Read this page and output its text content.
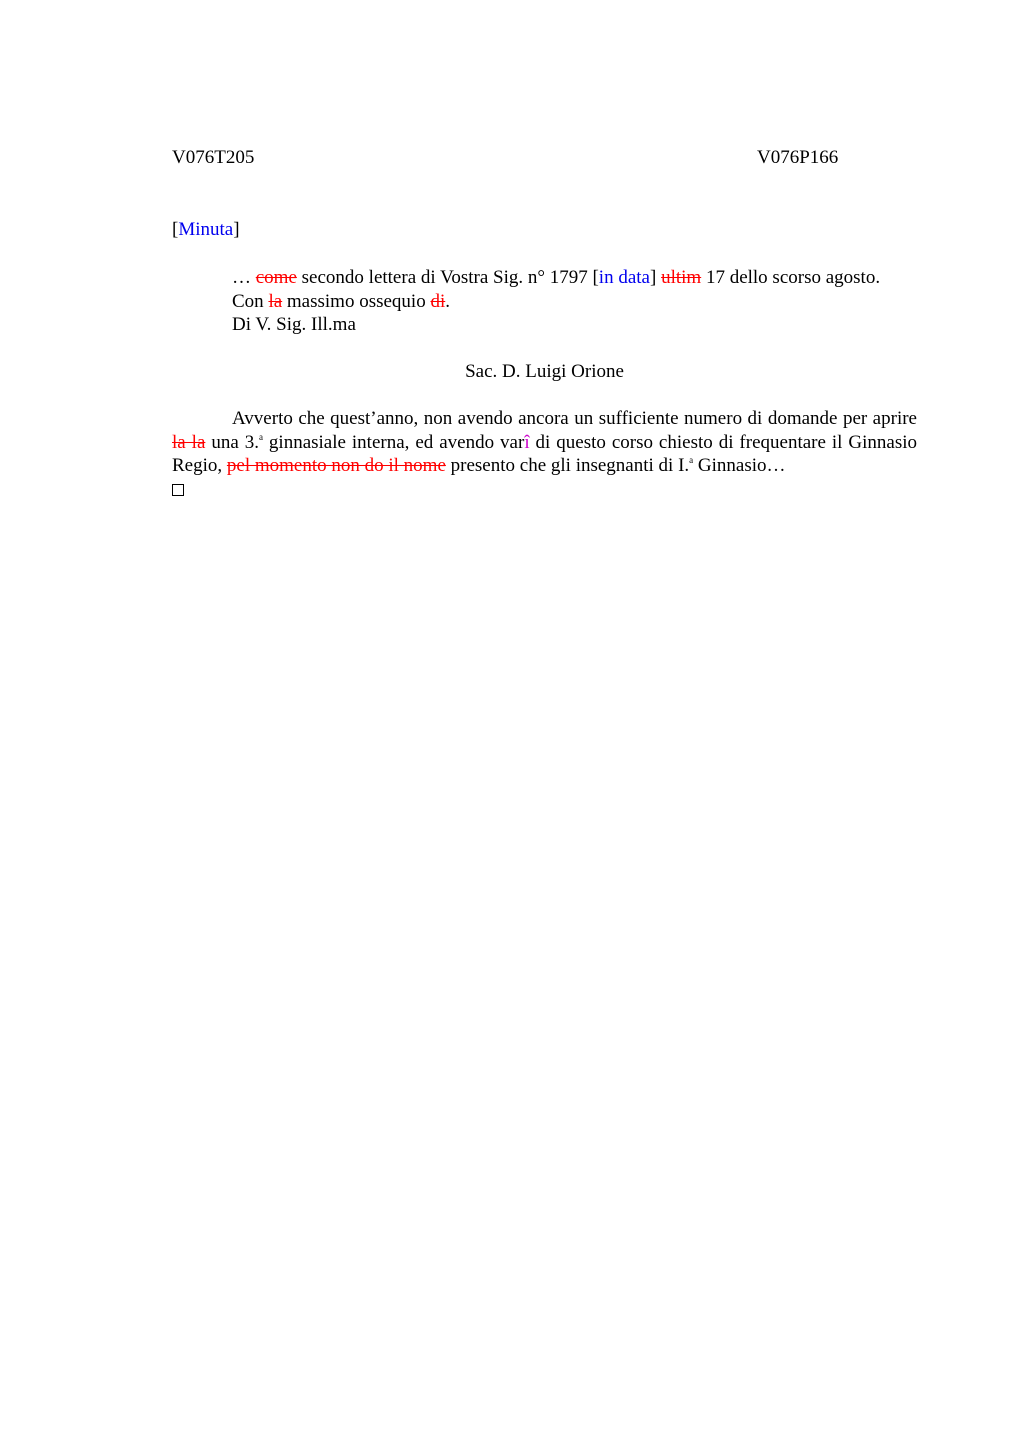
V076T205	V076P166
[Minuta]

… come secondo lettera di Vostra Sig. n° 1797 [in data] ultim 17 dello scorso agosto.

Con la massimo ossequio di.

Di V. Sig. Ill.ma

Sac. D. Luigi Orione

Avverto che quest’anno, non avendo ancora un sufficiente numero di domande per aprire la la una 3.$^a$ ginnasiale interna, ed avendo varî di questo corso chiesto di frequentare il Ginnasio Regio, pel momento non do il nome presento che gli insegnanti di I.$^a$ Ginnasio…
